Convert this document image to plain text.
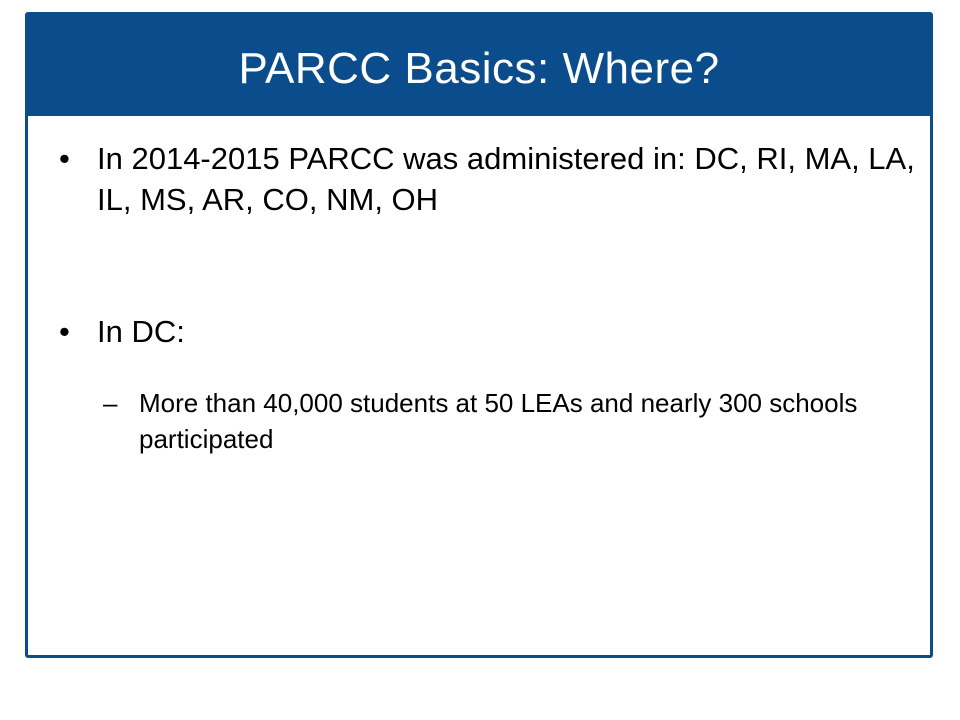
PARCC Basics: Where?
• In 2014-2015 PARCC was administered in: DC, RI, MA, LA, IL, MS, AR, CO, NM, OH
• In DC:
– More than 40,000 students at 50 LEAs and nearly 300 schools participated
